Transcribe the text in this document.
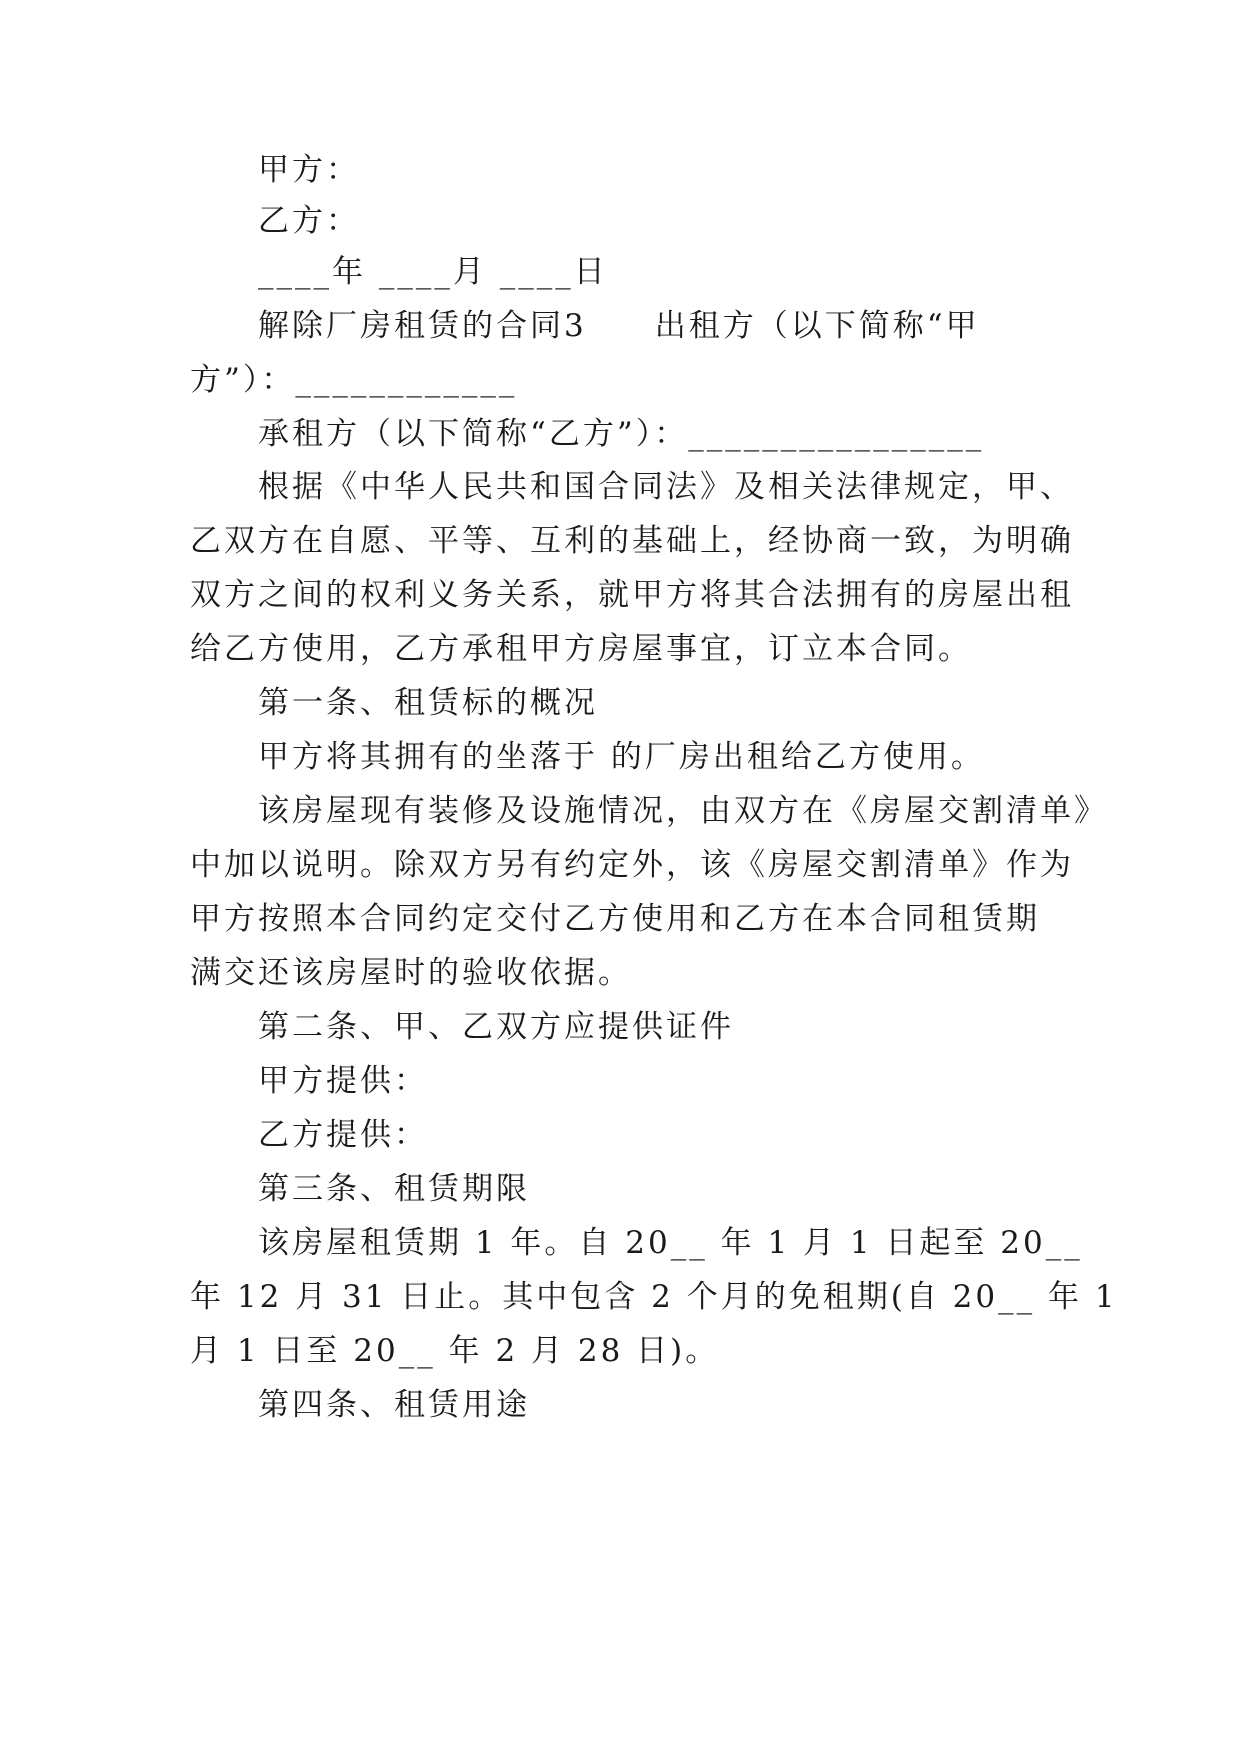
甲方：
乙方：
____年 ____月 ____日
解除厂房租赁的合同3　　出租方（以下简称“甲
方”）：____________
承租方（以下简称“乙方”）：________________
根据《中华人民共和国合同法》及相关法律规定，甲、
乙双方在自愿、平等、互利的基础上，经协商一致，为明确
双方之间的权利义务关系，就甲方将其合法拥有的房屋出租
给乙方使用，乙方承租甲方房屋事宜，订立本合同。
第一条、租赁标的概况
甲方将其拥有的坐落于 的厂房出租给乙方使用。
该房屋现有装修及设施情况，由双方在《房屋交割清单》
中加以说明。除双方另有约定外，该《房屋交割清单》作为
甲方按照本合同约定交付乙方使用和乙方在本合同租赁期
满交还该房屋时的验收依据。
第二条、甲、乙双方应提供证件
甲方提供：
乙方提供：
第三条、租赁期限
该房屋租赁期 1 年。自 20__ 年 1 月 1 日起至 20__
年 12 月 31 日止。其中包含 2 个月的免租期(自 20__ 年 1
月 1 日至 20__ 年 2 月 28 日)。
第四条、租赁用途
